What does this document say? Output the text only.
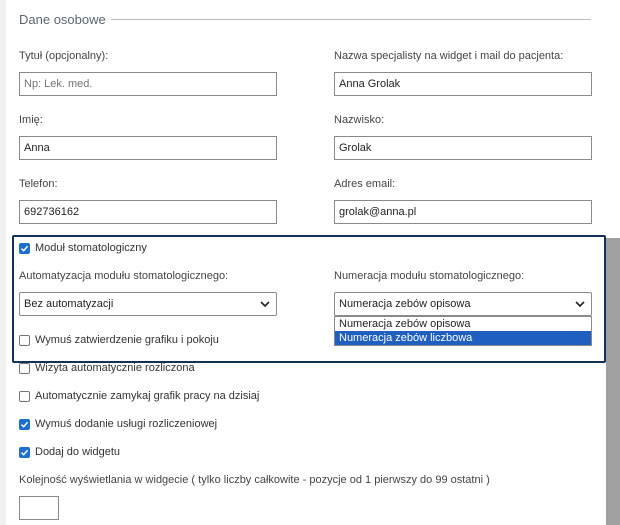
Dane osobowe
Tytuł (opcjonalny):
Np: Lek. med.	Nazwa specjalisty na widget i mail do pacjenta:
Anna Grolak
Imię:
Anna
Nazwisko:
Grolak
Telefon:
692736162
Adres email:
grolak@anna.pl
Moduł stomatologiczny
Automatyzacja modułu stomatologicznego:
Bez automatyzacji
Numeracja modułu stomatologicznego:
Numeracja zebów opisowa
Wymuś zatwierdzenie grafiku i pokoju
Wizyta automatycznie rozliczona
Numeracja zebów opisowa
Numeracja zebów liczbowa
Automatycznie zamykaj grafik pracy na dzisiaj
Wymuś dodanie usługi rozliczeniowej
Dodaj do widgetu
Kolejność wyświetlania w widgecie ( tylko liczby całkowite - pozycje od 1 pierwszy do 99 ostatni )
